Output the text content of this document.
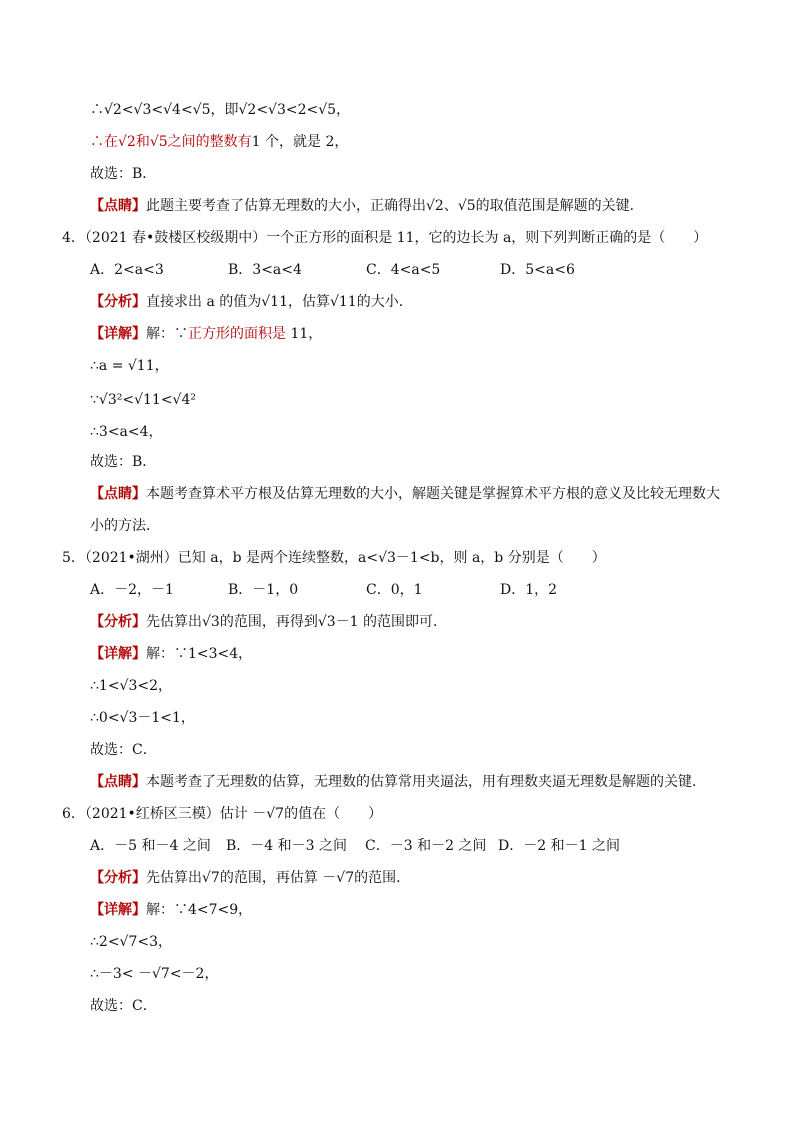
∴√2<√3<√4<√5，即√2<√3<2<√5，
∴在√2和√5之间的整数有1 个，就是 2，
故选：B．
【点睛】此题主要考查了估算无理数的大小，正确得出√2、√5的取值范围是解题的关键．
4．（2021 春•鼓楼区校级期中）一个正方形的面积是 11，它的边长为 a，则下列判断正确的是（　　）
A．2<a<3	B．3<a<4	C．4<a<5	D．5<a<6
【分析】直接求出 a 的值为√11，估算√11的大小．
【详解】解：∵正方形的面积是 11，
∴a = √11，
∵√3²<√11<√4²
∴3<a<4，
故选：B．
【点睛】本题考查算术平方根及估算无理数的大小，解题关键是掌握算术平方根的意义及比较无理数大
小的方法．
5．（2021•湖州）已知 a，b 是两个连续整数，a<√3－1<b，则 a，b 分别是（　　）
A．－2，－1	B．－1，0	C．0，1	D．1，2
【分析】先估算出√3的范围，再得到√3－1 的范围即可．
【详解】解：∵1<3<4，
∴1<√3<2，
∴0<√3－1<1，
故选：C．
【点睛】本题考查了无理数的估算，无理数的估算常用夹逼法，用有理数夹逼无理数是解题的关键．
6．（2021•红桥区三模）估计 －√7的值在（　　）
A．－5 和－4 之间 B．－4 和－3 之间 C．－3 和－2 之间 D．－2 和－1 之间
【分析】先估算出√7的范围，再估算 －√7的范围．
【详解】解：∵4<7<9，
∴2<√7<3，
∴－3< －√7<－2，
故选：C．
